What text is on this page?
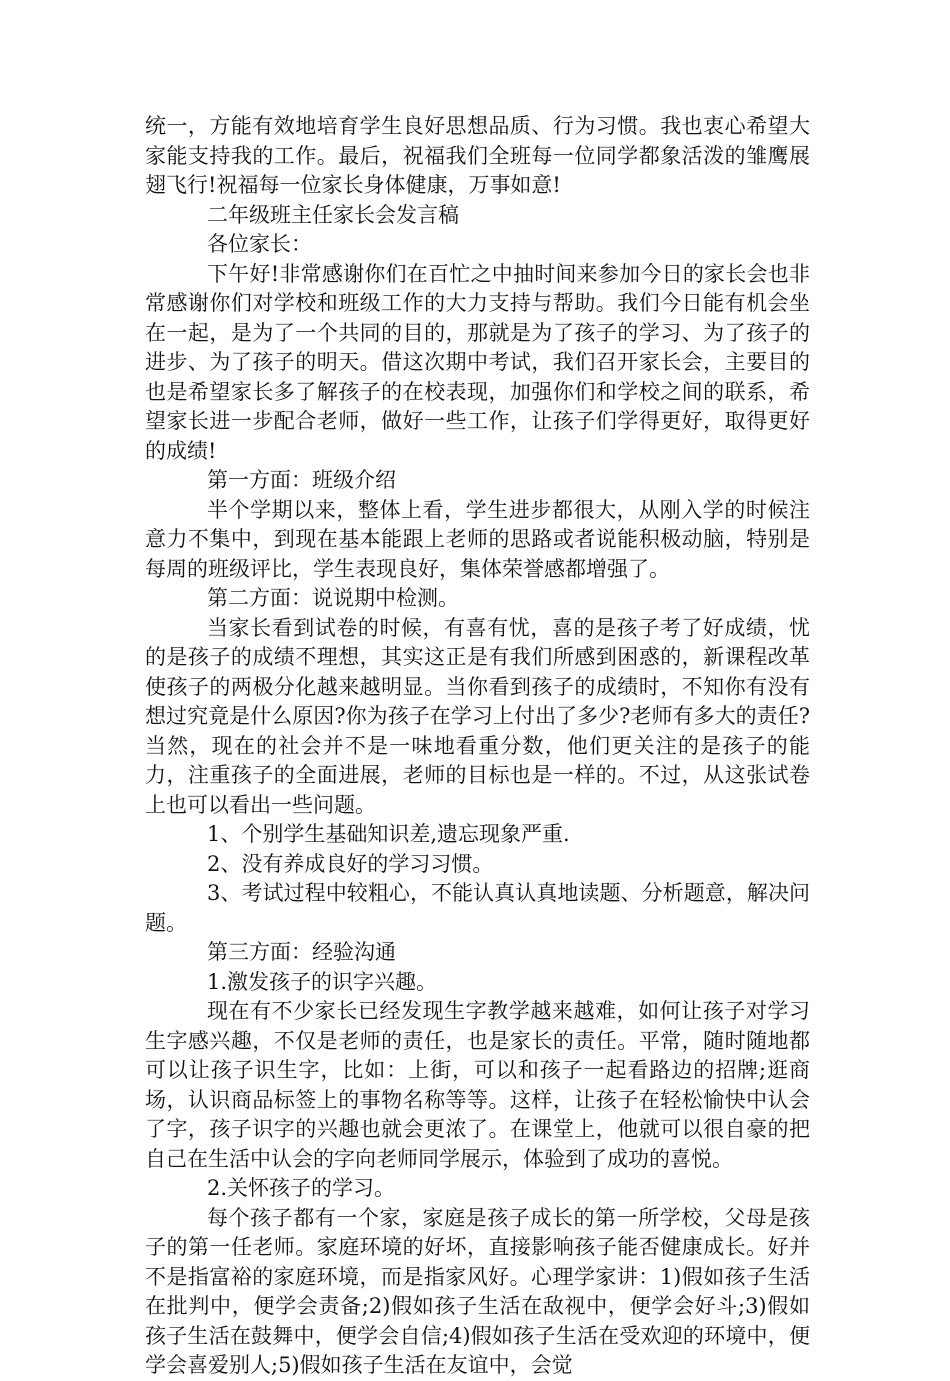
统一，方能有效地培育学生良好思想品质、行为习惯。我也衷心希望大家能支持我的工作。最后，祝福我们全班每一位同学都象活泼的雏鹰展翅飞行!祝福每一位家长身体健康，万事如意!

二年级班主任家长会发言稿

各位家长：

下午好!非常感谢你们在百忙之中抽时间来参加今日的家长会也非常感谢你们对学校和班级工作的大力支持与帮助。我们今日能有机会坐在一起，是为了一个共同的目的，那就是为了孩子的学习、为了孩子的进步、为了孩子的明天。借这次期中考试，我们召开家长会，主要目的也是希望家长多了解孩子的在校表现，加强你们和学校之间的联系，希望家长进一步配合老师，做好一些工作，让孩子们学得更好，取得更好的成绩!

第一方面：班级介绍

半个学期以来，整体上看，学生进步都很大，从刚入学的时候注意力不集中，到现在基本能跟上老师的思路或者说能积极动脑，特别是每周的班级评比，学生表现良好，集体荣誉感都增强了。

第二方面：说说期中检测。

当家长看到试卷的时候，有喜有忧，喜的是孩子考了好成绩，忧的是孩子的成绩不理想，其实这正是有我们所感到困惑的，新课程改革使孩子的两极分化越来越明显。当你看到孩子的成绩时，不知你有没有想过究竟是什么原因?你为孩子在学习上付出了多少?老师有多大的责任?当然，现在的社会并不是一味地看重分数，他们更关注的是孩子的能力，注重孩子的全面进展，老师的目标也是一样的。不过，从这张试卷上也可以看出一些问题。

1、个别学生基础知识差,遗忘现象严重.

2、没有养成良好的学习习惯。

3、考试过程中较粗心，不能认真认真地读题、分析题意，解决问题。

第三方面：经验沟通

1.激发孩子的识字兴趣。

现在有不少家长已经发现生字教学越来越难，如何让孩子对学习生字感兴趣，不仅是老师的责任，也是家长的责任。平常，随时随地都可以让孩子识生字，比如：上街，可以和孩子一起看路边的招牌;逛商场，认识商品标签上的事物名称等等。这样，让孩子在轻松愉快中认会了字，孩子识字的兴趣也就会更浓了。在课堂上，他就可以很自豪的把自己在生活中认会的字向老师同学展示，体验到了成功的喜悦。

2.关怀孩子的学习。

每个孩子都有一个家，家庭是孩子成长的第一所学校，父母是孩子的第一任老师。家庭环境的好坏，直接影响孩子能否健康成长。好并不是指富裕的家庭环境，而是指家风好。心理学家讲：1)假如孩子生活在批判中，便学会责备;2)假如孩子生活在敌视中，便学会好斗;3)假如孩子生活在鼓舞中，便学会自信;4)假如孩子生活在受欢迎的环境中，便学会喜爱别人;5)假如孩子生活在友谊中，会觉
